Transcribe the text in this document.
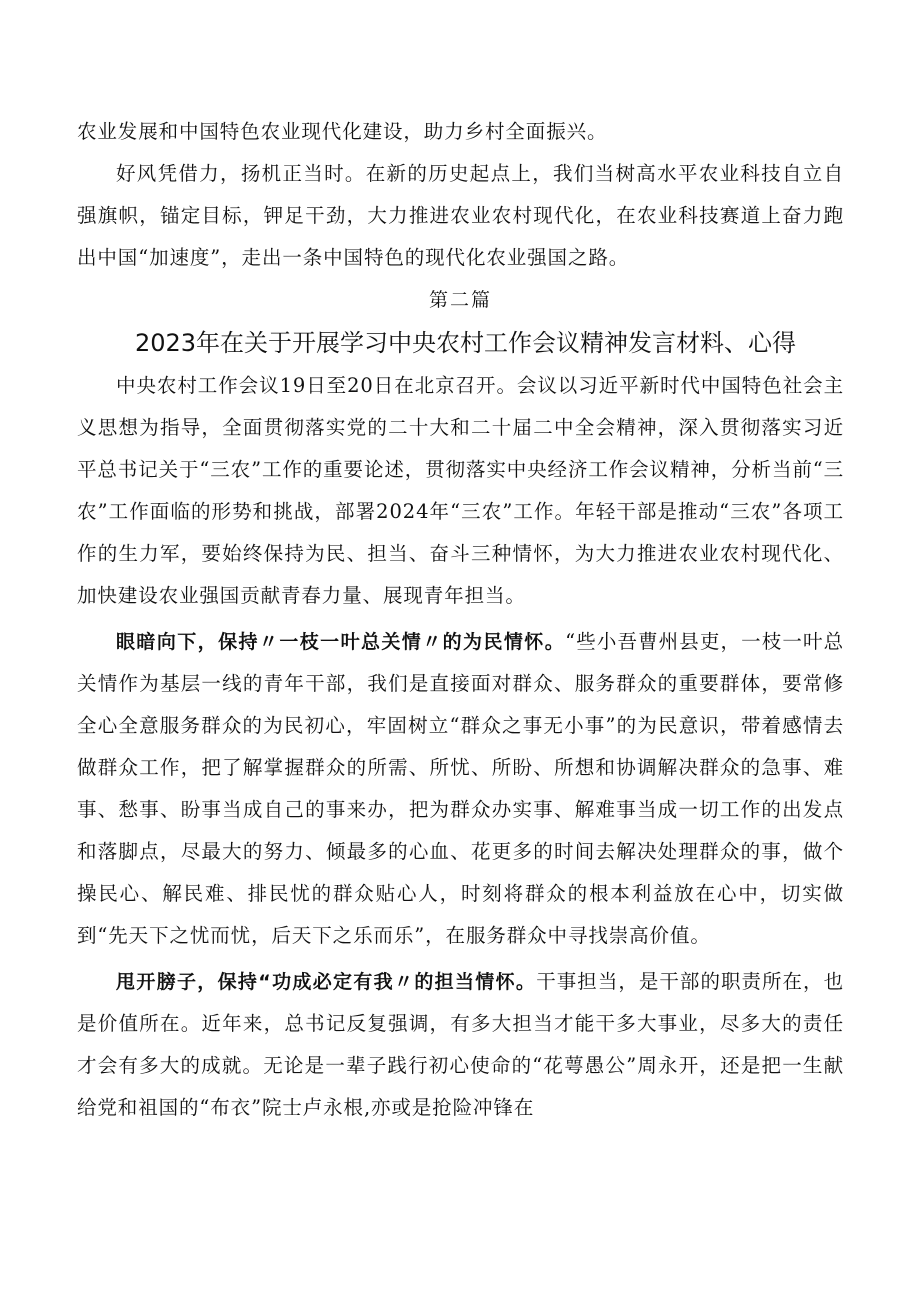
农业发展和中国特色农业现代化建设，助力乡村全面振兴。

好风凭借力，扬机正当时。在新的历史起点上，我们当树高水平农业科技自立自强旗帜，锚定目标，钾足干劲，大力推进农业农村现代化，在农业科技赛道上奋力跑出中国“加速度”，走出一条中国特色的现代化农业强国之路。

第二篇
2023年在关于开展学习中央农村工作会议精神发言材料、心得

中央农村工作会议19日至20日在北京召开。会议以习近平新时代中国特色社会主义思想为指导，全面贯彻落实党的二十大和二十届二中全会精神，深入贯彻落实习近平总书记关于“三农”工作的重要论述，贯彻落实中央经济工作会议精神，分析当前“三农”工作面临的形势和挑战，部署2024年“三农”工作。年轻干部是推动“三农”各项工作的生力军，要始终保持为民、担当、奋斗三种情怀，为大力推进农业农村现代化、加快建设农业强国贡献青春力量、展现青年担当。

眼暗向下，保持〃一枝一叶总关情〃的为民情怀。“些小吾曹州县吏，一枝一叶总关情作为基层一线的青年干部，我们是直接面对群众、服务群众的重要群体，要常修全心全意服务群众的为民初心，牢固树立“群众之事无小事”的为民意识，带着感情去做群众工作，把了解掌握群众的所需、所忧、所盼、所想和协调解决群众的急事、难事、愁事、盼事当成自己的事来办，把为群众办实事、解难事当成一切工作的出发点和落脚点，尽最大的努力、倾最多的心血、花更多的时间去解决处理群众的事，做个操民心、解民难、排民忧的群众贴心人，时刻将群众的根本利益放在心中，切实做到“先天下之忧而忧，后天下之乐而乐”，在服务群众中寻找崇高价值。

甩开膀子，保持“功成必定有我〃的担当情怀。干事担当，是干部的职责所在，也是价值所在。近年来，总书记反复强调，有多大担当才能干多大事业，尽多大的责任才会有多大的成就。无论是一辈子践行初心使命的“花萼愚公”周永开，还是把一生献给党和祖国的“布衣”院士卢永根,亦或是抢险冲锋在
